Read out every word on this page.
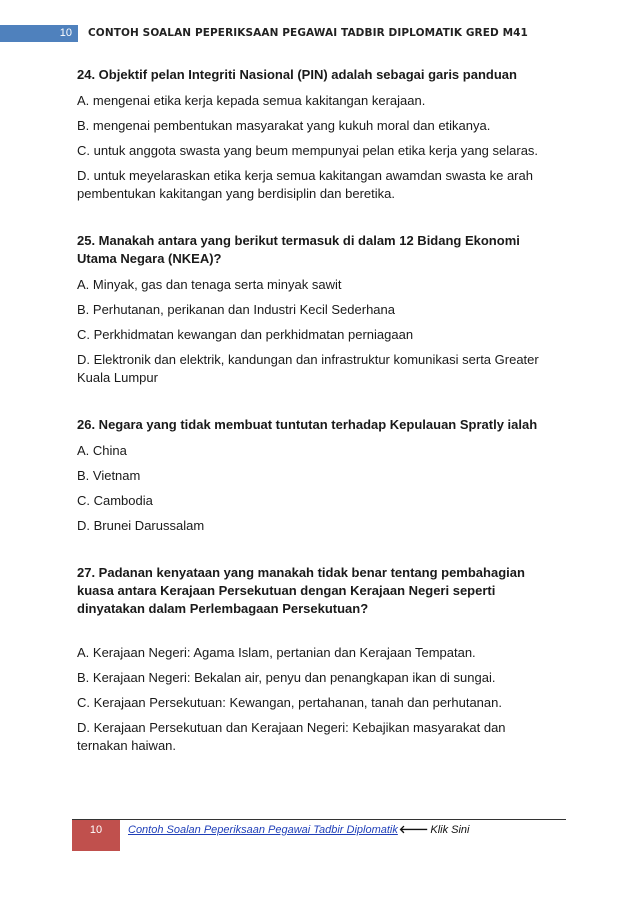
10	CONTOH SOALAN PEPERIKSAAN PEGAWAI TADBIR DIPLOMATIK GRED M41

24. Objektif pelan Integriti Nasional (PIN) adalah sebagai garis panduan

A. mengenai etika kerja kepada semua kakitangan kerajaan.

B. mengenai pembentukan masyarakat yang kukuh moral dan etikanya.

C. untuk anggota swasta yang beum mempunyai pelan etika kerja yang selaras.

D. untuk meyelaraskan etika kerja semua kakitangan awamdan swasta ke arah pembentukan kakitangan yang berdisiplin dan beretika.

25. Manakah antara yang berikut termasuk di dalam 12 Bidang Ekonomi Utama Negara (NKEA)?

A. Minyak, gas dan tenaga serta minyak sawit

B. Perhutanan, perikanan dan Industri Kecil Sederhana

C. Perkhidmatan kewangan dan perkhidmatan perniagaan

D. Elektronik dan elektrik, kandungan dan infrastruktur komunikasi serta Greater Kuala Lumpur

26. Negara yang tidak membuat tuntutan terhadap Kepulauan Spratly ialah

A. China

B. Vietnam

C. Cambodia

D. Brunei Darussalam

27. Padanan kenyataan yang manakah tidak benar tentang pembahagian kuasa antara Kerajaan Persekutuan dengan Kerajaan Negeri seperti dinyatakan dalam Perlembagaan Persekutuan?

A. Kerajaan Negeri: Agama Islam, pertanian dan Kerajaan Tempatan.

B. Kerajaan Negeri: Bekalan air, penyu dan penangkapan ikan di sungai.

C. Kerajaan Persekutuan: Kewangan, pertahanan, tanah dan perhutanan.

D. Kerajaan Persekutuan dan Kerajaan Negeri: Kebajikan masyarakat dan ternakan haiwan.

10	Contoh Soalan Peperiksaan Pegawai Tadbir Diplomatik🡐 Klik Sini
